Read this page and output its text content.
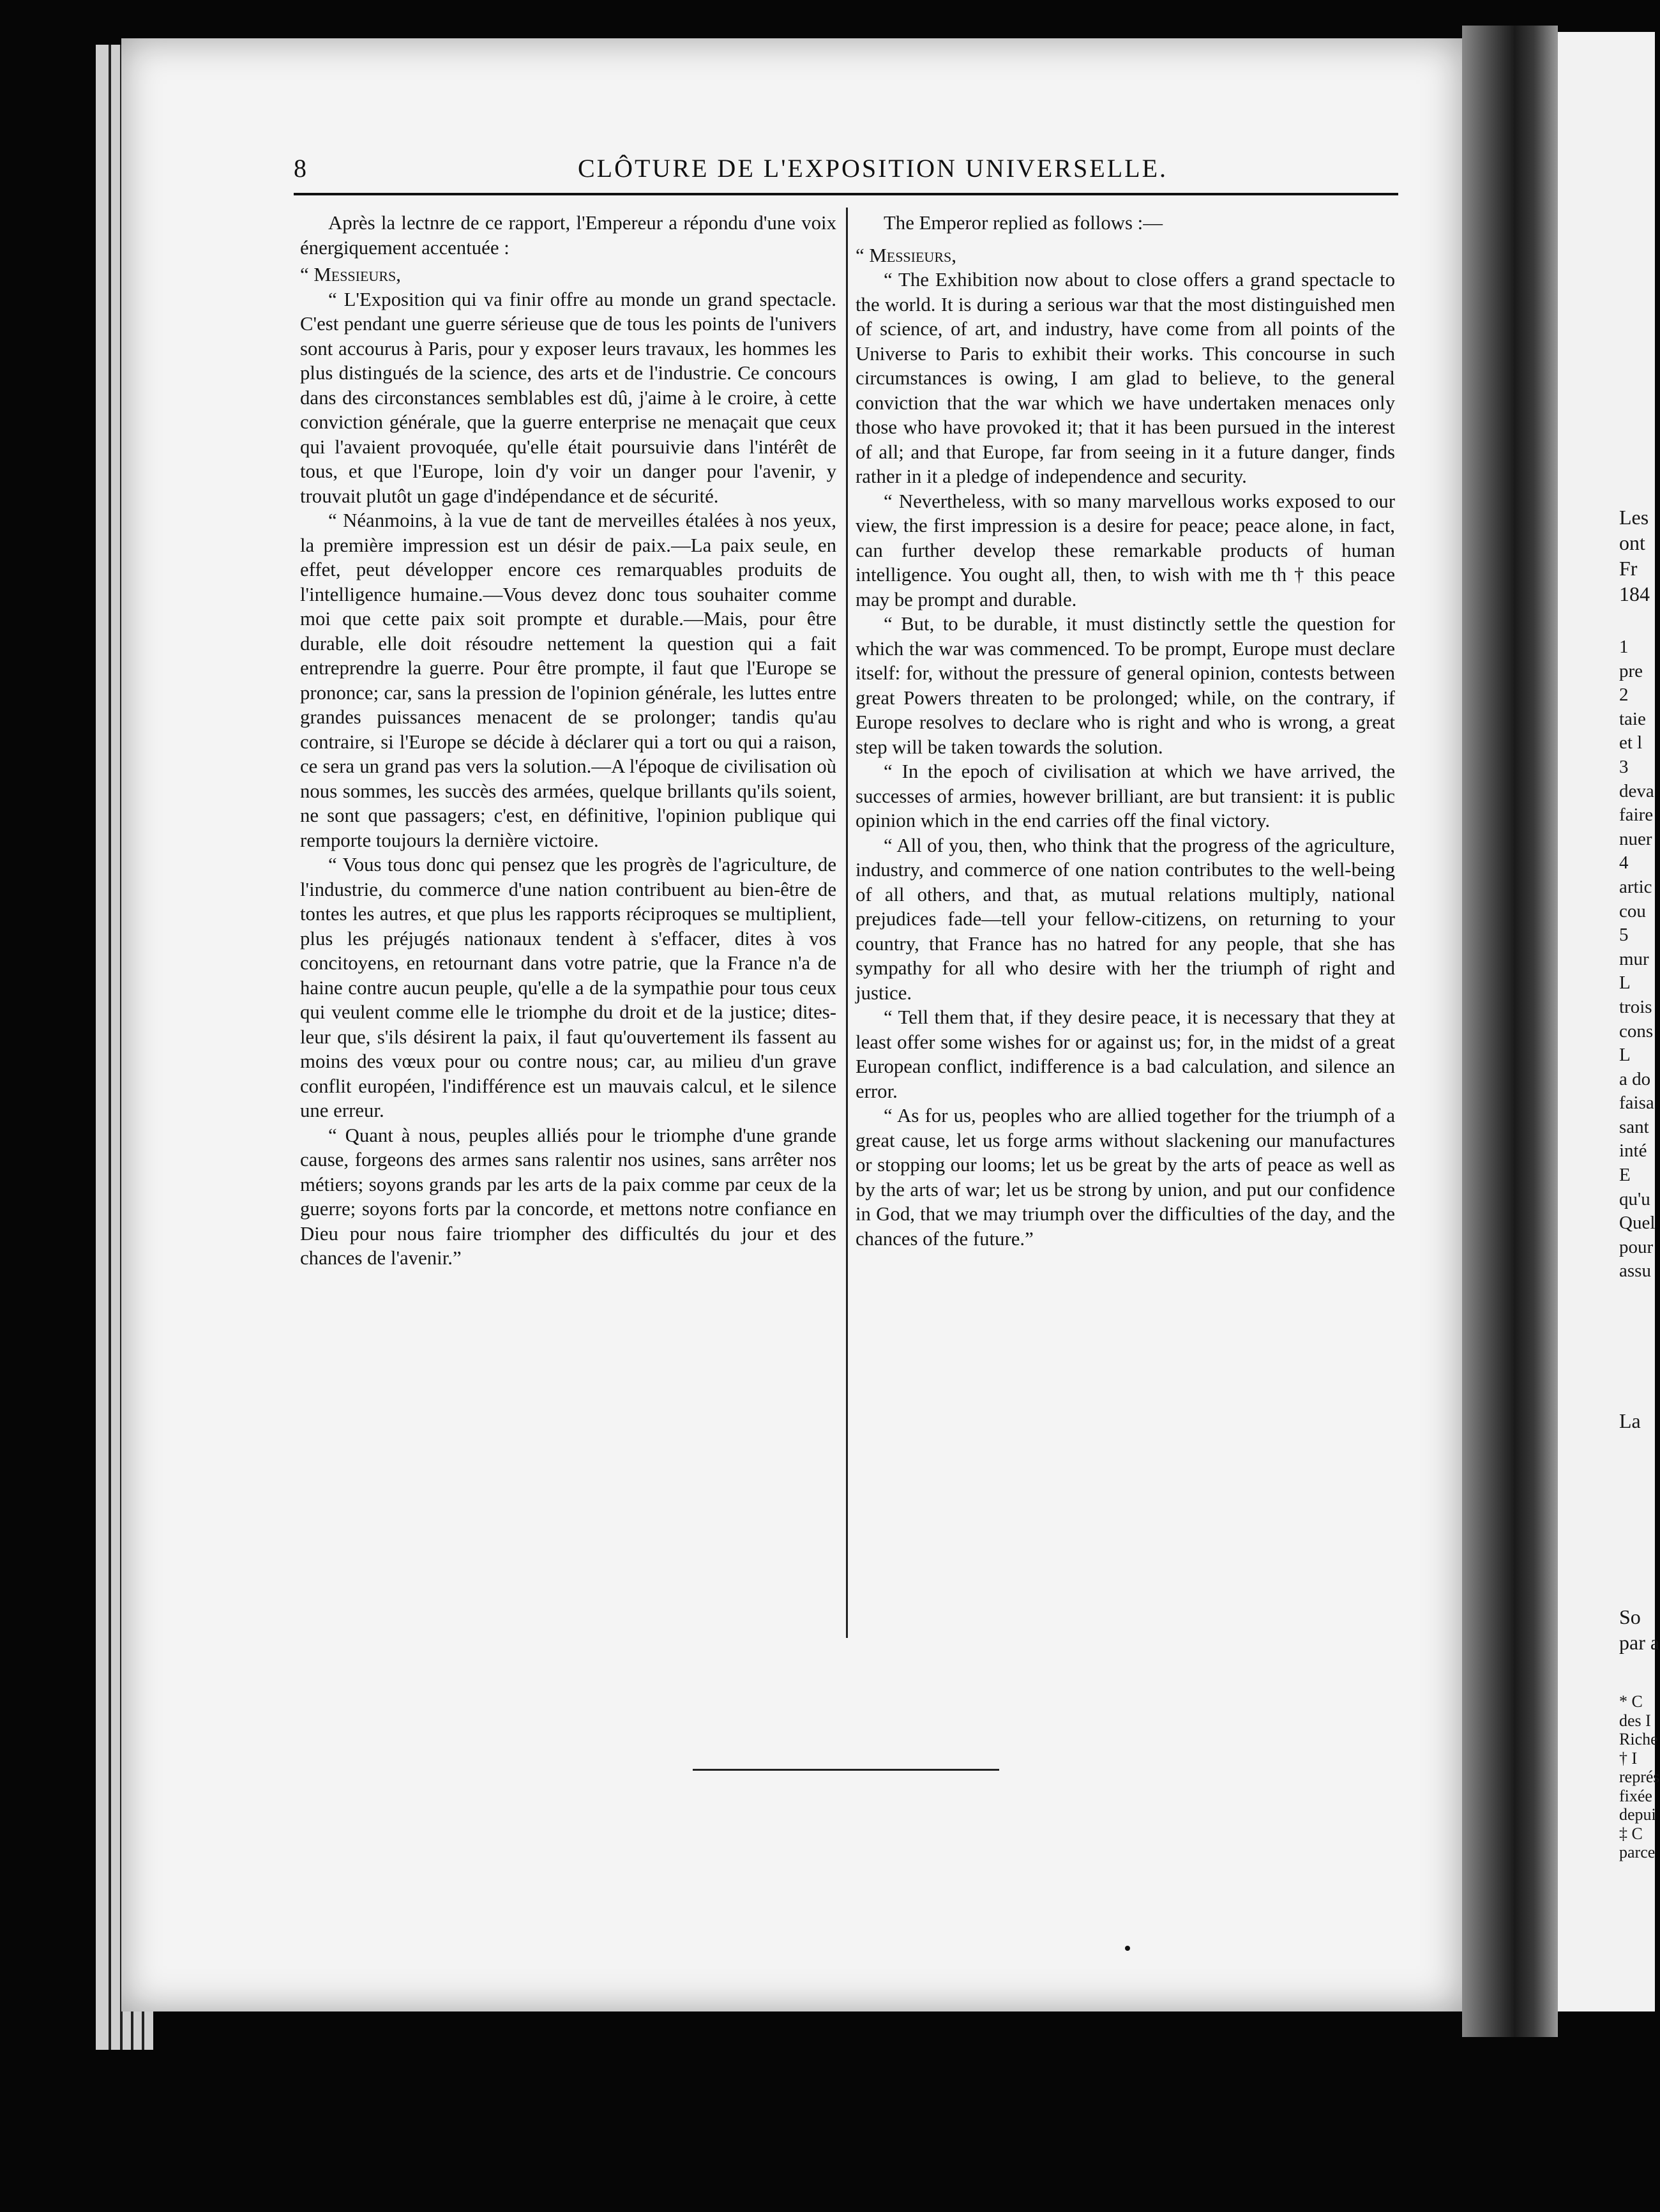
8	CLÔTURE DE L'EXPOSITION UNIVERSELLE.

Après la lectnre de ce rapport, l'Empereur a répondu d'une voix énergiquement accentuée :

“ Messieurs,

“ L'Exposition qui va finir offre au monde un grand spectacle. C'est pendant une guerre sérieuse que de tous les points de l'univers sont accourus à Paris, pour y exposer leurs travaux, les hommes les plus distingués de la science, des arts et de l'industrie. Ce concours dans des circonstances semblables est dû, j'aime à le croire, à cette conviction générale, que la guerre enterprise ne menaçait que ceux qui l'avaient provoquée, qu'elle était poursuivie dans l'intérêt de tous, et que l'Europe, loin d'y voir un danger pour l'avenir, y trouvait plutôt un gage d'indépendance et de sécurité.

“ Néanmoins, à la vue de tant de merveilles étalées à nos yeux, la première impression est un désir de paix.—La paix seule, en effet, peut développer encore ces remarquables produits de l'intelligence humaine.—Vous devez donc tous souhaiter comme moi que cette paix soit prompte et durable.—Mais, pour être durable, elle doit résoudre nettement la question qui a fait entreprendre la guerre. Pour être prompte, il faut que l'Europe se prononce; car, sans la pression de l'opinion générale, les luttes entre grandes puissances menacent de se prolonger; tandis qu'au contraire, si l'Europe se décide à déclarer qui a tort ou qui a raison, ce sera un grand pas vers la solution.—A l'époque de civilisation où nous sommes, les succès des armées, quelque brillants qu'ils soient, ne sont que passagers; c'est, en définitive, l'opinion publique qui remporte toujours la dernière victoire.

“ Vous tous donc qui pensez que les progrès de l'agriculture, de l'industrie, du commerce d'une nation contribuent au bien-être de tontes les autres, et que plus les rapports réciproques se multiplient, plus les préjugés nationaux tendent à s'effacer, dites à vos concitoyens, en retournant dans votre patrie, que la France n'a de haine contre aucun peuple, qu'elle a de la sympathie pour tous ceux qui veulent comme elle le triomphe du droit et de la justice; dites-leur que, s'ils désirent la paix, il faut qu'ouvertement ils fassent au moins des vœux pour ou contre nous; car, au milieu d'un grave conflit européen, l'indifférence est un mauvais calcul, et le silence une erreur.

“ Quant à nous, peuples alliés pour le triomphe d'une grande cause, forgeons des armes sans ralentir nos usines, sans arrêter nos métiers; soyons grands par les arts de la paix comme par ceux de la guerre; soyons forts par la concorde, et mettons notre confiance en Dieu pour nous faire triompher des difficultés du jour et des chances de l'avenir.”

The Emperor replied as follows :—

“ Messieurs,

“ The Exhibition now about to close offers a grand spectacle to the world. It is during a serious war that the most distinguished men of science, of art, and industry, have come from all points of the Universe to Paris to exhibit their works. This concourse in such circumstances is owing, I am glad to believe, to the general conviction that the war which we have undertaken menaces only those who have provoked it; that it has been pursued in the interest of all; and that Europe, far from seeing in it a future danger, finds rather in it a pledge of independence and security.

“ Nevertheless, with so many marvellous works exposed to our view, the first impression is a desire for peace; peace alone, in fact, can further develop these remarkable products of human intelligence. You ought all, then, to wish with me th † this peace may be prompt and durable.

“ But, to be durable, it must distinctly settle the question for which the war was commenced. To be prompt, Europe must declare itself: for, without the pressure of general opinion, contests between great Powers threaten to be prolonged; while, on the contrary, if Europe resolves to declare who is right and who is wrong, a great step will be taken towards the solution.

“ In the epoch of civilisation at which we have arrived, the successes of armies, however brilliant, are but transient: it is public opinion which in the end carries off the final victory.

“ All of you, then, who think that the progress of the agriculture, industry, and commerce of one nation contributes to the well-being of all others, and that, as mutual relations multiply, national prejudices fade—tell your fellow-citizens, on returning to your country, that France has no hatred for any people, that she has sympathy for all who desire with her the triumph of right and justice.

“ Tell them that, if they desire peace, it is necessary that they at least offer some wishes for or against us; for, in the midst of a great European conflict, indifference is a bad calculation, and silence an error.

“ As for us, peoples who are allied together for the triumph of a great cause, let us forge arms without slackening our manufactures or stopping our looms; let us be great by the arts of peace as well as by the arts of war; let us be strong by union, and put our confidence in God, that we may triumph over the difficulties of the day, and the chances of the future.”

Les
ont
Fr
184
1
pre
2
taie
et l
3
deva
faire
nuer
4
artic
cou
5
mur
L
trois
cons
L
a do
faisa
sant
inté
E
qu'u
Quel
pour
assu
La
So
par a
* C
des I
Riche
† I
représ
fixée
depui
‡ C
parce
